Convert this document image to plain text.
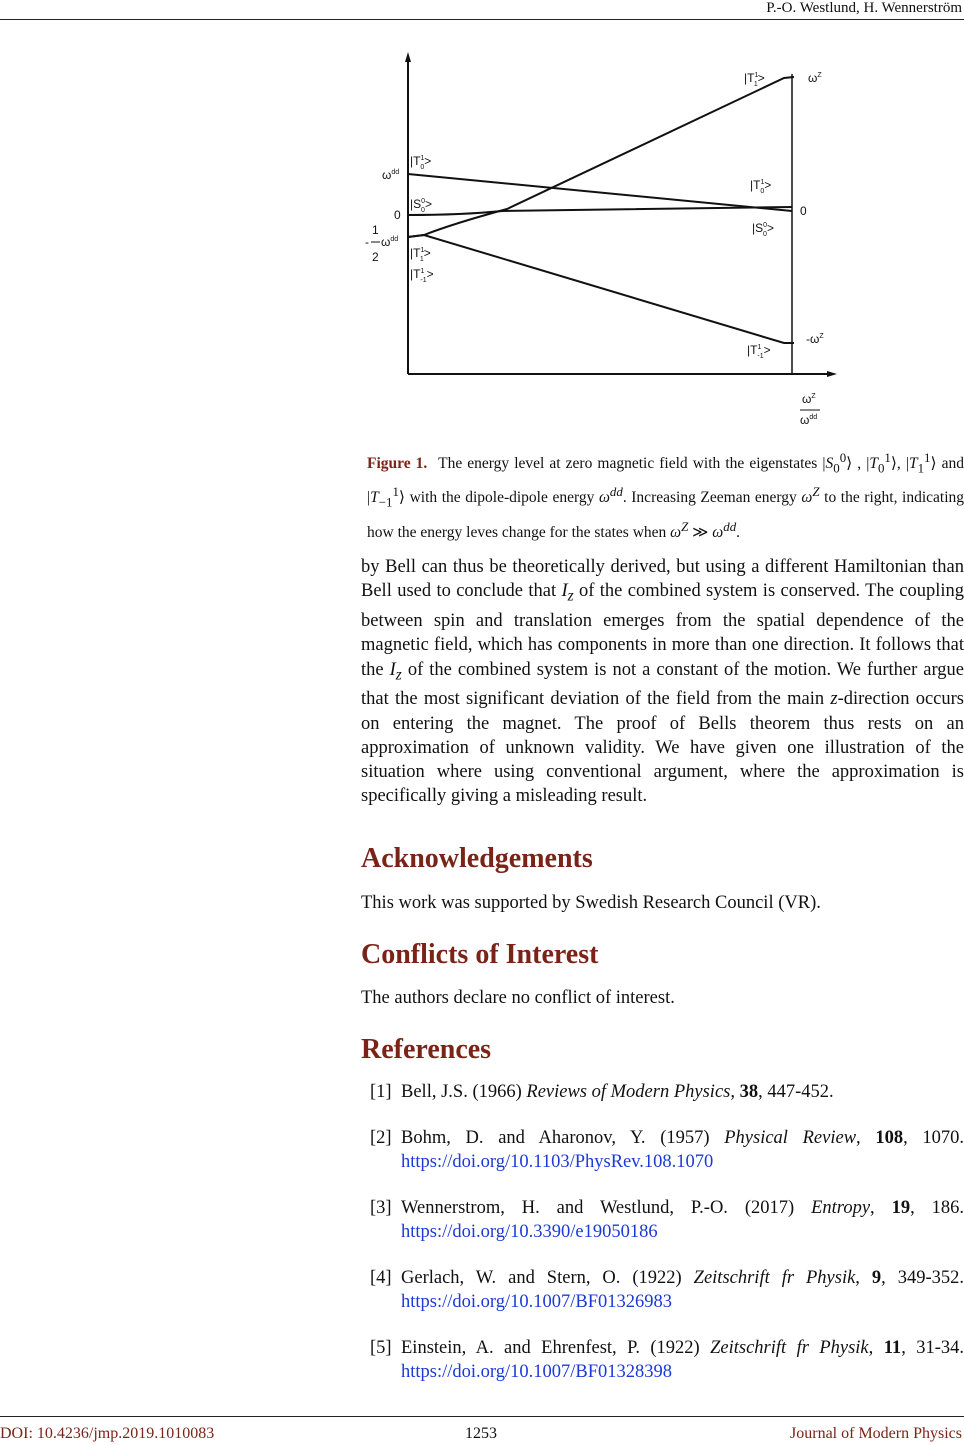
P.-O. Westlund, H. Wennerström
$|T^1$ 1>	$\omega^Z$
$|T^1$ 0>
$\omega^{dd}$
$|T^1$ 0>
$|S^0$ 0>
0	0
$|S^0$ 0>
1
-
2
$\omega^{dd}$
$|T^1$ 1>
$|T^1$ -1>
$|T^1$ -1>
$-\omega^Z$
$\omega^Z$
$\omega^{dd}$
Figure 1. The energy level at zero magnetic field with the eigenstates $|S_0^0⟩$ , $|T_0^1⟩$, $|T_1^1⟩$ and $|T_{-1}^1⟩$ with the dipole-dipole energy $\omega^{dd}$. Increasing Zeeman energy $\omega^Z$ to the right, indicating how the energy leves change for the states when $\omega^Z$ ≫ $\omega^{dd}$.

by Bell can thus be theoretically derived, but using a different Hamiltonian than Bell used to conclude that $I_z$ of the combined system is conserved. The coupling between spin and translation emerges from the spatial dependence of the magnetic field, which has components in more than one direction. It follows that the $I_z$ of the combined system is not a constant of the motion. We further argue that the most significant deviation of the field from the main z-direction occurs on entering the magnet. The proof of Bells theorem thus rests on an approximation of unknown validity. We have given one illustration of the situation where using conventional argument, where the approximation is specifically giving a misleading result.

Acknowledgements
This work was supported by Swedish Research Council (VR).
Conflicts of Interest
The authors declare no conflict of interest.
References
[1] Bell, J.S. (1966) Reviews of Modern Physics, 38, 447-452.
[2] Bohm, D. and Aharonov, Y. (1957) Physical Review, 108, 1070. https://doi.org/10.1103/PhysRev.108.1070
[3] Wennerstrom, H. and Westlund, P.-O. (2017) Entropy, 19, 186. https://doi.org/10.3390/e19050186
[4] Gerlach, W. and Stern, O. (1922) Zeitschrift fr Physik, 9, 349-352. https://doi.org/10.1007/BF01326983
[5] Einstein, A. and Ehrenfest, P. (1922) Zeitschrift fr Physik, 11, 31-34. https://doi.org/10.1007/BF01328398
DOI: 10.4236/jmp.2019.1010083	1253	Journal of Modern Physics
